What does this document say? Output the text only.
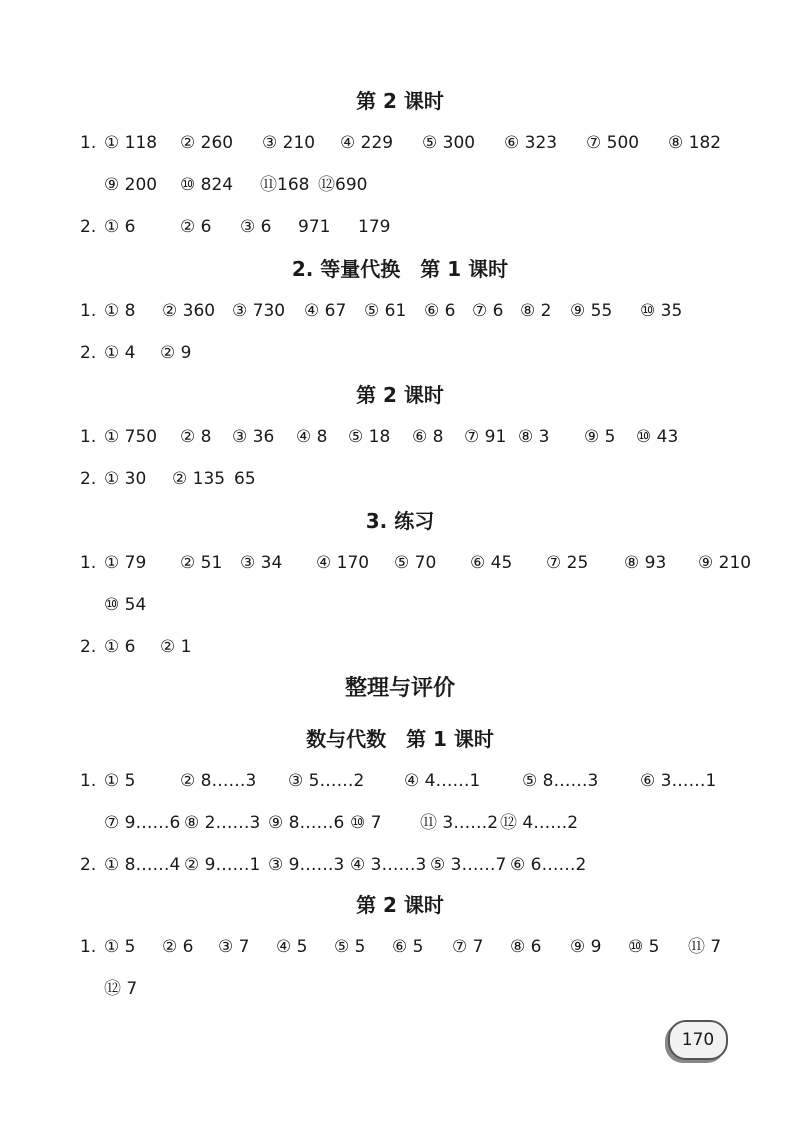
170
第 2 课时
1. ① 118 ② 260 ③ 210 ④ 229 ⑤ 300 ⑥ 323 ⑦ 500 ⑧ 182
⑨ 200 ⑩ 824 ⑪168 ⑫690
2. ① 6	② 6 ③ 6 971 179
2. 等量代换　第 1 课时
1. ① 8 ② 360 ③ 730 ④ 67 ⑤ 61 ⑥ 6 ⑦ 6 ⑧ 2 ⑨ 55 ⑩ 35
2. ① 4 ② 9
第 2 课时
1. ① 750 ② 8 ③ 36 ④ 8 ⑤ 18 ⑥ 8 ⑦ 91 ⑧ 3 ⑨ 5 ⑩ 43
2. ① 30 ② 135 65
3. 练习
1. ① 79 ② 51 ③ 34 ④ 170 ⑤ 70 ⑥ 45 ⑦ 25 ⑧ 93 ⑨ 210
⑩ 54
2. ① 6 ② 1
整理与评价
数与代数　第 1 课时
1. ① 5	② 8……3 ③ 5……2 ④ 4……1 ⑤ 8……3 ⑥ 3……1
⑦ 9……6 ⑧ 2……3 ⑨ 8……6 ⑩ 7 ⑪ 3……2 ⑫ 4……2
2. ① 8……4 ② 9……1 ③ 9……3 ④ 3……3 ⑤ 3……7 ⑥ 6……2
第 2 课时
1. ① 5 ② 6 ③ 7 ④ 5 ⑤ 5 ⑥ 5 ⑦ 7 ⑧ 6 ⑨ 9 ⑩ 5 ⑪ 7
⑫ 7
